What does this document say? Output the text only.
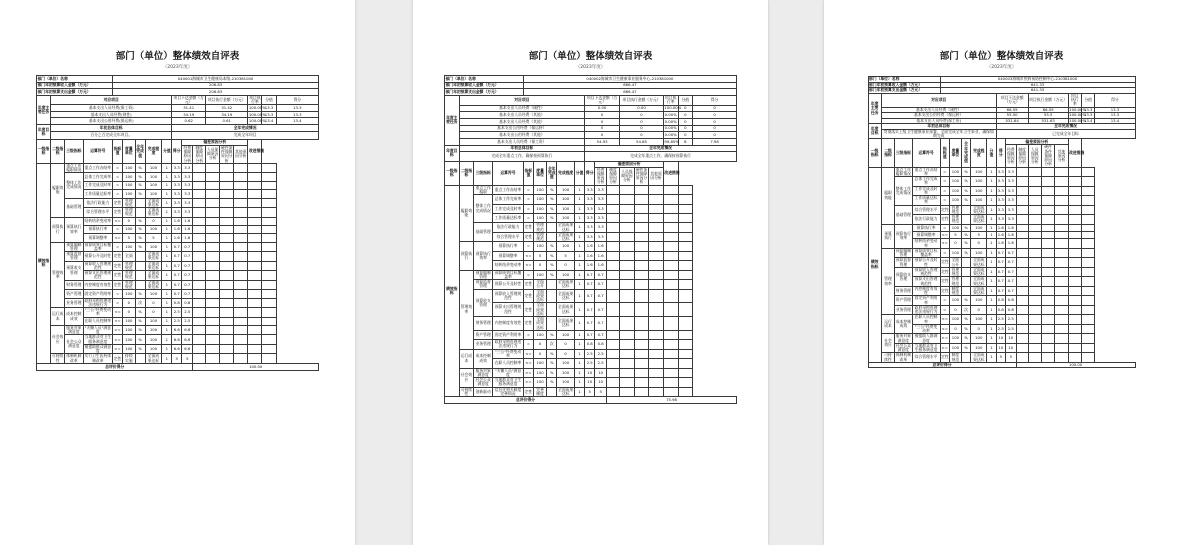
部门（单位）整体绩效自评表
（2023年度）
部门（单位）名称				040001海城市卫生健康局本级-210381000													
部门年初预算收入金额（万元）				206.83													
部门年初预算支出金额（万元）				206.83													
年度主要任务	对应项目								项目下达金额（万元）			项目执行金额（万元）			项目执行率	分值	得分
	基本支出人员经费(保工资)								31.41			31.42			100.00%	13.3	13.3
	基本支出人员经费(规性)								34.19			34.19			100.00%	13.3	13.3
	基本支出公用经费(保运转)								0.62			0.61			100.00%	13.4	13.4
年度目标	年初总体目标								全年完成情况								
	百分之百完成全年项目。								完成全年项目								
一级指标	二级指标	三级指标	运算符号	指标值	度量单位	全年完成值	完成程度	分值	得分	偏差原因分析					改进措施		
										经费保障原因分析	制度保障原因分析	人员保障原因分析	硬件条件保障原因分析	其他原因分析			
绩效指标	履职效能	重点工作履职情况	重点工作办结率	=	100	%	100	1	3.3	3.3							
		整体工作完成情况	总体工作完成率	=	100	%	100	1	3.3	3.3							
			工作完成及时率	=	100	%	100	1	3.3	3.3							
			工作质量达标率	=	100	%	100	1	3.3	3.3							
		基础管理	依法行政能力	定性	管理规范		全面成果达标	1	3.3	3.3							
			综合管理水平	定性	管理规范		全面成果达标	1	3.3	3.3							
	预算执行	预算执行效率	结转结余变动率	<=	0	%	0	1	1.6	1.6							
			预算执行率	=	100	%	100	1	1.6	1.6							
			预算调整率	<=	5	%	5	1	1.6	1.6							
	管理效率	预算编制管理	预算绩效目标覆盖率	=	100	%	100	1	0.7	0.7							
		预算监督管理	预算公开及时性	定性	全面		全面成果达标	1	0.7	0.7							
		预算收支管理	预算收入管理规范性	定性	管理规范		全面成果达标	1	0.7	0.7							
			预算支出管理规范性	定性	管理规范		全面成果达标	1	0.7	0.7							
		财务管理	内控制度有效性	定性	管理规范		全面成果达标	1	0.7	0.7							
		资产管理	固定资产利用率	=	100	%	100	1	0.7	0.7							
		业务管理	政府采购管理违法违规行为	=	0	次	0	1	0.8	0.8							
	运行成本	成本控制成效	"三公"经费变动率	<=	0	%	0	1	2.5	2.5							
			在职人员控制率	<=	100	%	100	1	2.5	2.5							
	社会效应	服务对象满意度	"夫懒人员"满意度	>=	100	%	100	1	6.6	6.6							
		社会公众满意度	当地群众对卫生服务满意度	>=	100	%	100	1	6.6	6.6							
			被援助群众满意度	>=	100	%	100	1	6.6	6.6							
	可持续性	体制机制改革	实行卫生医药体制改革	定性	持续实施		全面成果达标	1	5	5							
总评价得分											100.00						
部门（单位）整体绩效自评表
（2023年度）
部门（单位）名称				040002海城市卫生健康事业服务中心-210381000													
部门年初预算收入金额（万元）				666.47													
部门年初预算支出金额（万元）				666.47													
年度主要任务	对应项目								项目下达金额（万元）			项目执行金额（万元）			项目执行率	分值	得分
	基本支出人员经费（刚性）								0.00			0.00			100.00%	0	0
	基本支出人员经费（其他）								0			0			0.00%	0	0
	基本支出人员经费（其他）								0			0			0.00%	0	0
	基本支出公用经费（保运转）								0			0			0.00%	0	0
	基本支出公用经费（其他）								0			0			0.00%	0	0
	基本支出人员经费（保工资）								54.93			54.85			99.85%	8	7.98
年度目标	年初总体目标								全年完成情况								
	完成全年重点工作，确保按预算执行								完成全年重点工作，确保按预算执行								
一级指标	二级指标	三级指标	运算符号	指标值	度量单位	全年完成值	完成程度	分值	得分	偏差原因分析					改进措施		
										经费保障原因分析	制度保障原因分析	人员保障原因分析	硬件条件保障原因分析	其他原因分析			
绩效指标	履职效能	重点工作履职	重点工作办结率	=	100	%	100	1	3.3	3.3							
		整体工作完成情况	总体工作完成率	=	100	%	100	1	3.3	3.3							
			工作完成及时率	=	100	%	100	1	3.3	3.3							
			工作质量达标率	=	100	%	100	1	3.3	3.3							
		基础管理	依法行政能力	定性	管理规范		全面成果达标	1	3.3	3.3							
			综合管理水平	定性	管理规范		全面成果达标	1	3.3	3.3							
	预算执行	预算执行效率	预算执行率	=	100	%	100	1	1.6	1.6							
			预算调整率	<=	5	%	5	1	1.6	1.6							
			结转结余变动率	<=	0	%	0	1	1.6	1.6							
	管理效率	预算编制管理	预算绩效目标覆盖率	=	100	%	100	1	0.7	0.7							
		预算监督管理	预算公开及时性	定性	全面公开		全面成果达标	1	0.7	0.7							
		预算收支管理	预算收入管理规范性	定性	全面成果达标		全面成果达标	1	0.7	0.7							
			预算支出管理规范性	定性	全面成果达标		全面成果达标	1	0.7	0.7							
		财务管理	内控制度有效性	定性	全面成果达标		全面成果达标	1	0.7	0.7							
		资产管理	固定资产利用率	=	100	%	100	1	0.7	0.7							
		业务管理	政府采购管理违法违规行为	=	0	次	0	1	0.8	0.8							
	运行成本	成本控制成效	"三公"经费变动率	<=	0	%	0	1	2.5	2.5							
			在职人员控制率	<=	100	%	100	1	2.5	2.5							
	社会效应	服务对象满意度	"夫懒人员"满意度	>=	100	%	100	1	10	10							
		社会公众满意度	当地群众对卫生服务满意度	>=	100	%	100	1	10	10							
	可持续性	创新驱动	信息化相关制度完善情况	定性	完善制度		全面成果达标	1	5	5							
总评价得分											75.98						
部门（单位）整体绩效自评表
（2023年度）
部门（单位）名称				040003海城市疾病预防控制中心-210381000													
部门年初预算收入金额（万元）				641.33													
部门年初预算支出金额（万元）				641.33													
年度主要任务	对应项目								项目下达金额（万元）			项目执行金额（万元）			项目执行率	分值	得分
	基本支出人员经费（刚性）								66.59			66.59			100.00%	13.3	13.3
	基本支出公用经费（保运转）								55.50			55.5			100.00%	13.3	13.3
	基本支出人员经费(保工资)								531.64			531.63			100.00%	13.4	13.4
年度目标	年初总体目标								全年完成情况								
	贯彻落实上级卫生健康事业部署，全面完成全年卫生事业，确保如期完成								已完成全年目标								
一级指标	二级指标	三级指标	运算符号	指标值	度量单位	全年完成值	完成程度	分值	得分	偏差原因分析					改进措施		
										经费保障原因分析	制度保障原因分析	人员保障原因分析	硬件条件保障原因分析	其他原因分析			
绩效指标	履职效能	重点工作履职情况	重点工作办结率	=	100	%	100	1	3.3	3.3							
		整体工作完成情况	总体工作完成率	=	100	%	100	1	3.3	3.3							
			工作完成及时率	=	100	%	100	1	3.3	3.3							
			工作质量达标率	=	100	%	100	1	3.3	3.3							
		基础管理	综合管理水平	定性	管理规范		全面成果达标	1	3.3	3.3							
			依法行政能力	定性	管理规范		全面成果达标	1	3.3	3.3							
	预算执行	预算执行效率	预算执行率	=	100	%	100	1	1.6	1.6							
			预算调整率	<=	5	%	5	1	1.6	1.6							
			结转结余变动率	<=	0	%	0	1	1.6	1.6							
	管理效率	预算编制管理	预算绩效目标覆盖率	=	100	%	100	1	0.7	0.7							
		预算监督管理	预算公开及时性	定性	全面公开		全面成果达标	1	0.7	0.7							
		预算收支管理	预算收入管理规范性	定性	管理规范		全面成果达标	1	0.7	0.7							
			预算支出管理规范性	定性	管理规范		全面成果达标	1	0.7	0.7							
		财务管理	内控制度有效性	定性	制度规范		全面成果达标	1	0.7	0.7							
		资产管理	固定资产利用率	=	100	%	100	1	0.8	0.8							
		业务管理	政府采购管理违法违规行为	=	0	次	0	1	0.8	0.8							
	运行成本	成本控制成效	在职人员控制率	<=	100	%	100	1	2.5	2.5							
			"三公"经费变动率	<=	0	%	0	1	2.5	2.5							
	社会效应	服务对象满意度	被援助人群满意度	>=	100	%	100	1	10	10							
		社会公众满意度	当地群众对卫生服务满意度	>=	100	%	100	1	10	10							
	可持续性	体制机制改革	综合管理水平	定性	制度规范		全面成果达标	1	5	5							
总评价得分											100.00						
